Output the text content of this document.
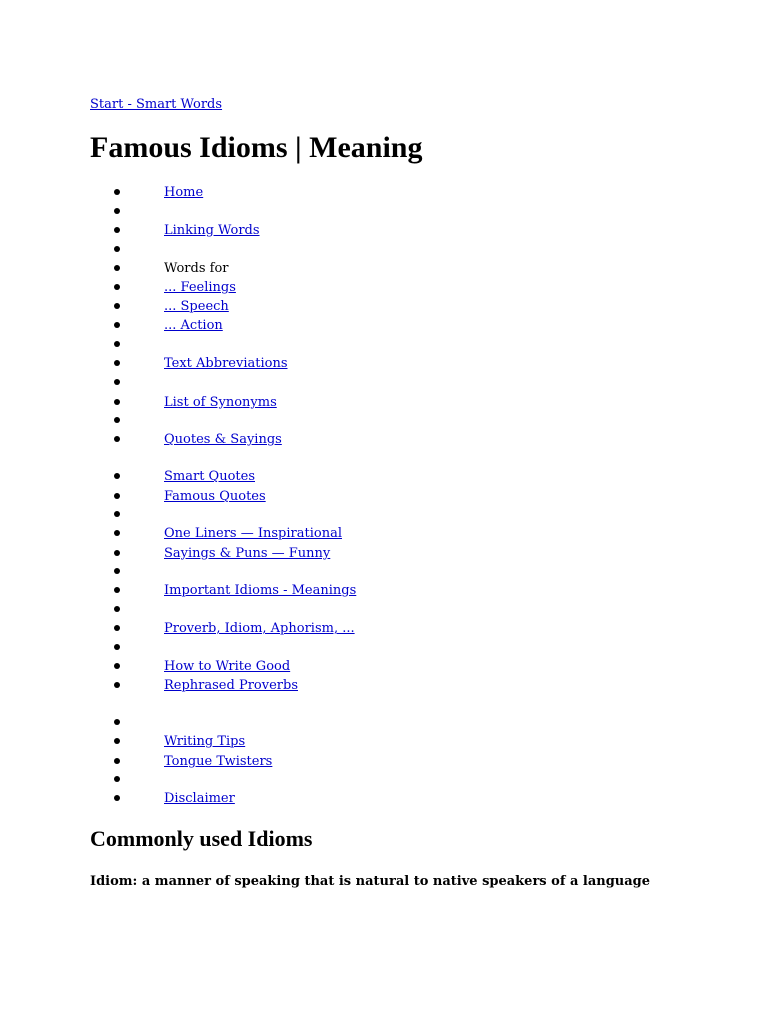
Start - Smart Words
Famous Idioms | Meaning
Home
Linking Words
Words for
... Feelings
... Speech
... Action
Text Abbreviations
List of Synonyms
Quotes & Sayings
Smart Quotes
Famous Quotes
One Liners — Inspirational
Sayings & Puns — Funny
Important Idioms - Meanings
Proverb, Idiom, Aphorism, ...
How to Write Good
Rephrased Proverbs
Writing Tips
Tongue Twisters
Disclaimer
Commonly used Idioms

Idiom: a manner of speaking that is natural to native speakers of a language
